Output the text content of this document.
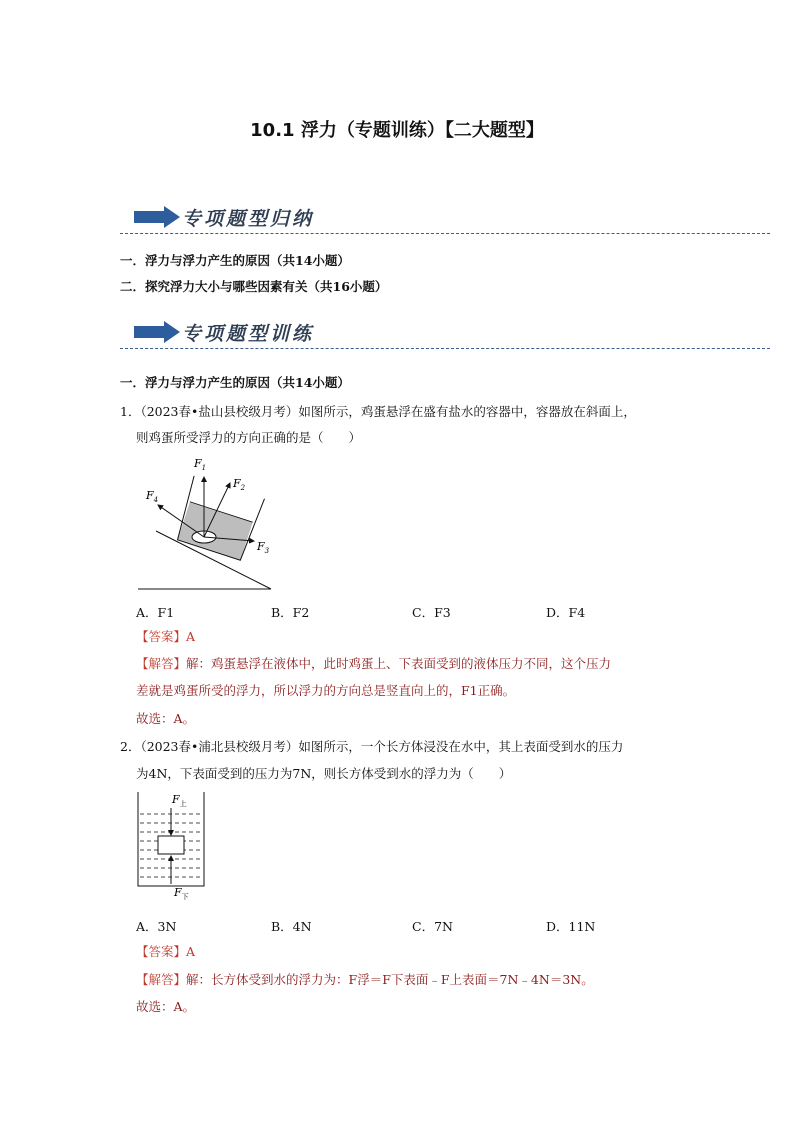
10.1 浮力（专题训练）【二大题型】
专项题型归纳
一．浮力与浮力产生的原因（共14小题）
二．探究浮力大小与哪些因素有关（共16小题）
专项题型训练
一．浮力与浮力产生的原因（共14小题）
1．（2023春•盐山县校级月考）如图所示，鸡蛋悬浮在盛有盐水的容器中，容器放在斜面上，
则鸡蛋所受浮力的方向正确的是（　　）
$F_1$
$F_2$
$F_3$
$F_4$
A．F1	B．F2	C．F3	D．F4
【答案】A
【解答】解：鸡蛋悬浮在液体中，此时鸡蛋上、下表面受到的液体压力不同，这个压力
差就是鸡蛋所受的浮力，所以浮力的方向总是竖直向上的，F1正确。
故选：A。
2．（2023春•浦北县校级月考）如图所示，一个长方体浸没在水中，其上表面受到水的压力
为4N，下表面受到的压力为7N，则长方体受到水的浮力为（　　）
$F_上$
$F_下$
A．3N	B．4N	C．7N	D．11N
【答案】A
【解答】解：长方体受到水的浮力为：F浮＝F下表面﹣F上表面＝7N﹣4N＝3N。
故选：A。
